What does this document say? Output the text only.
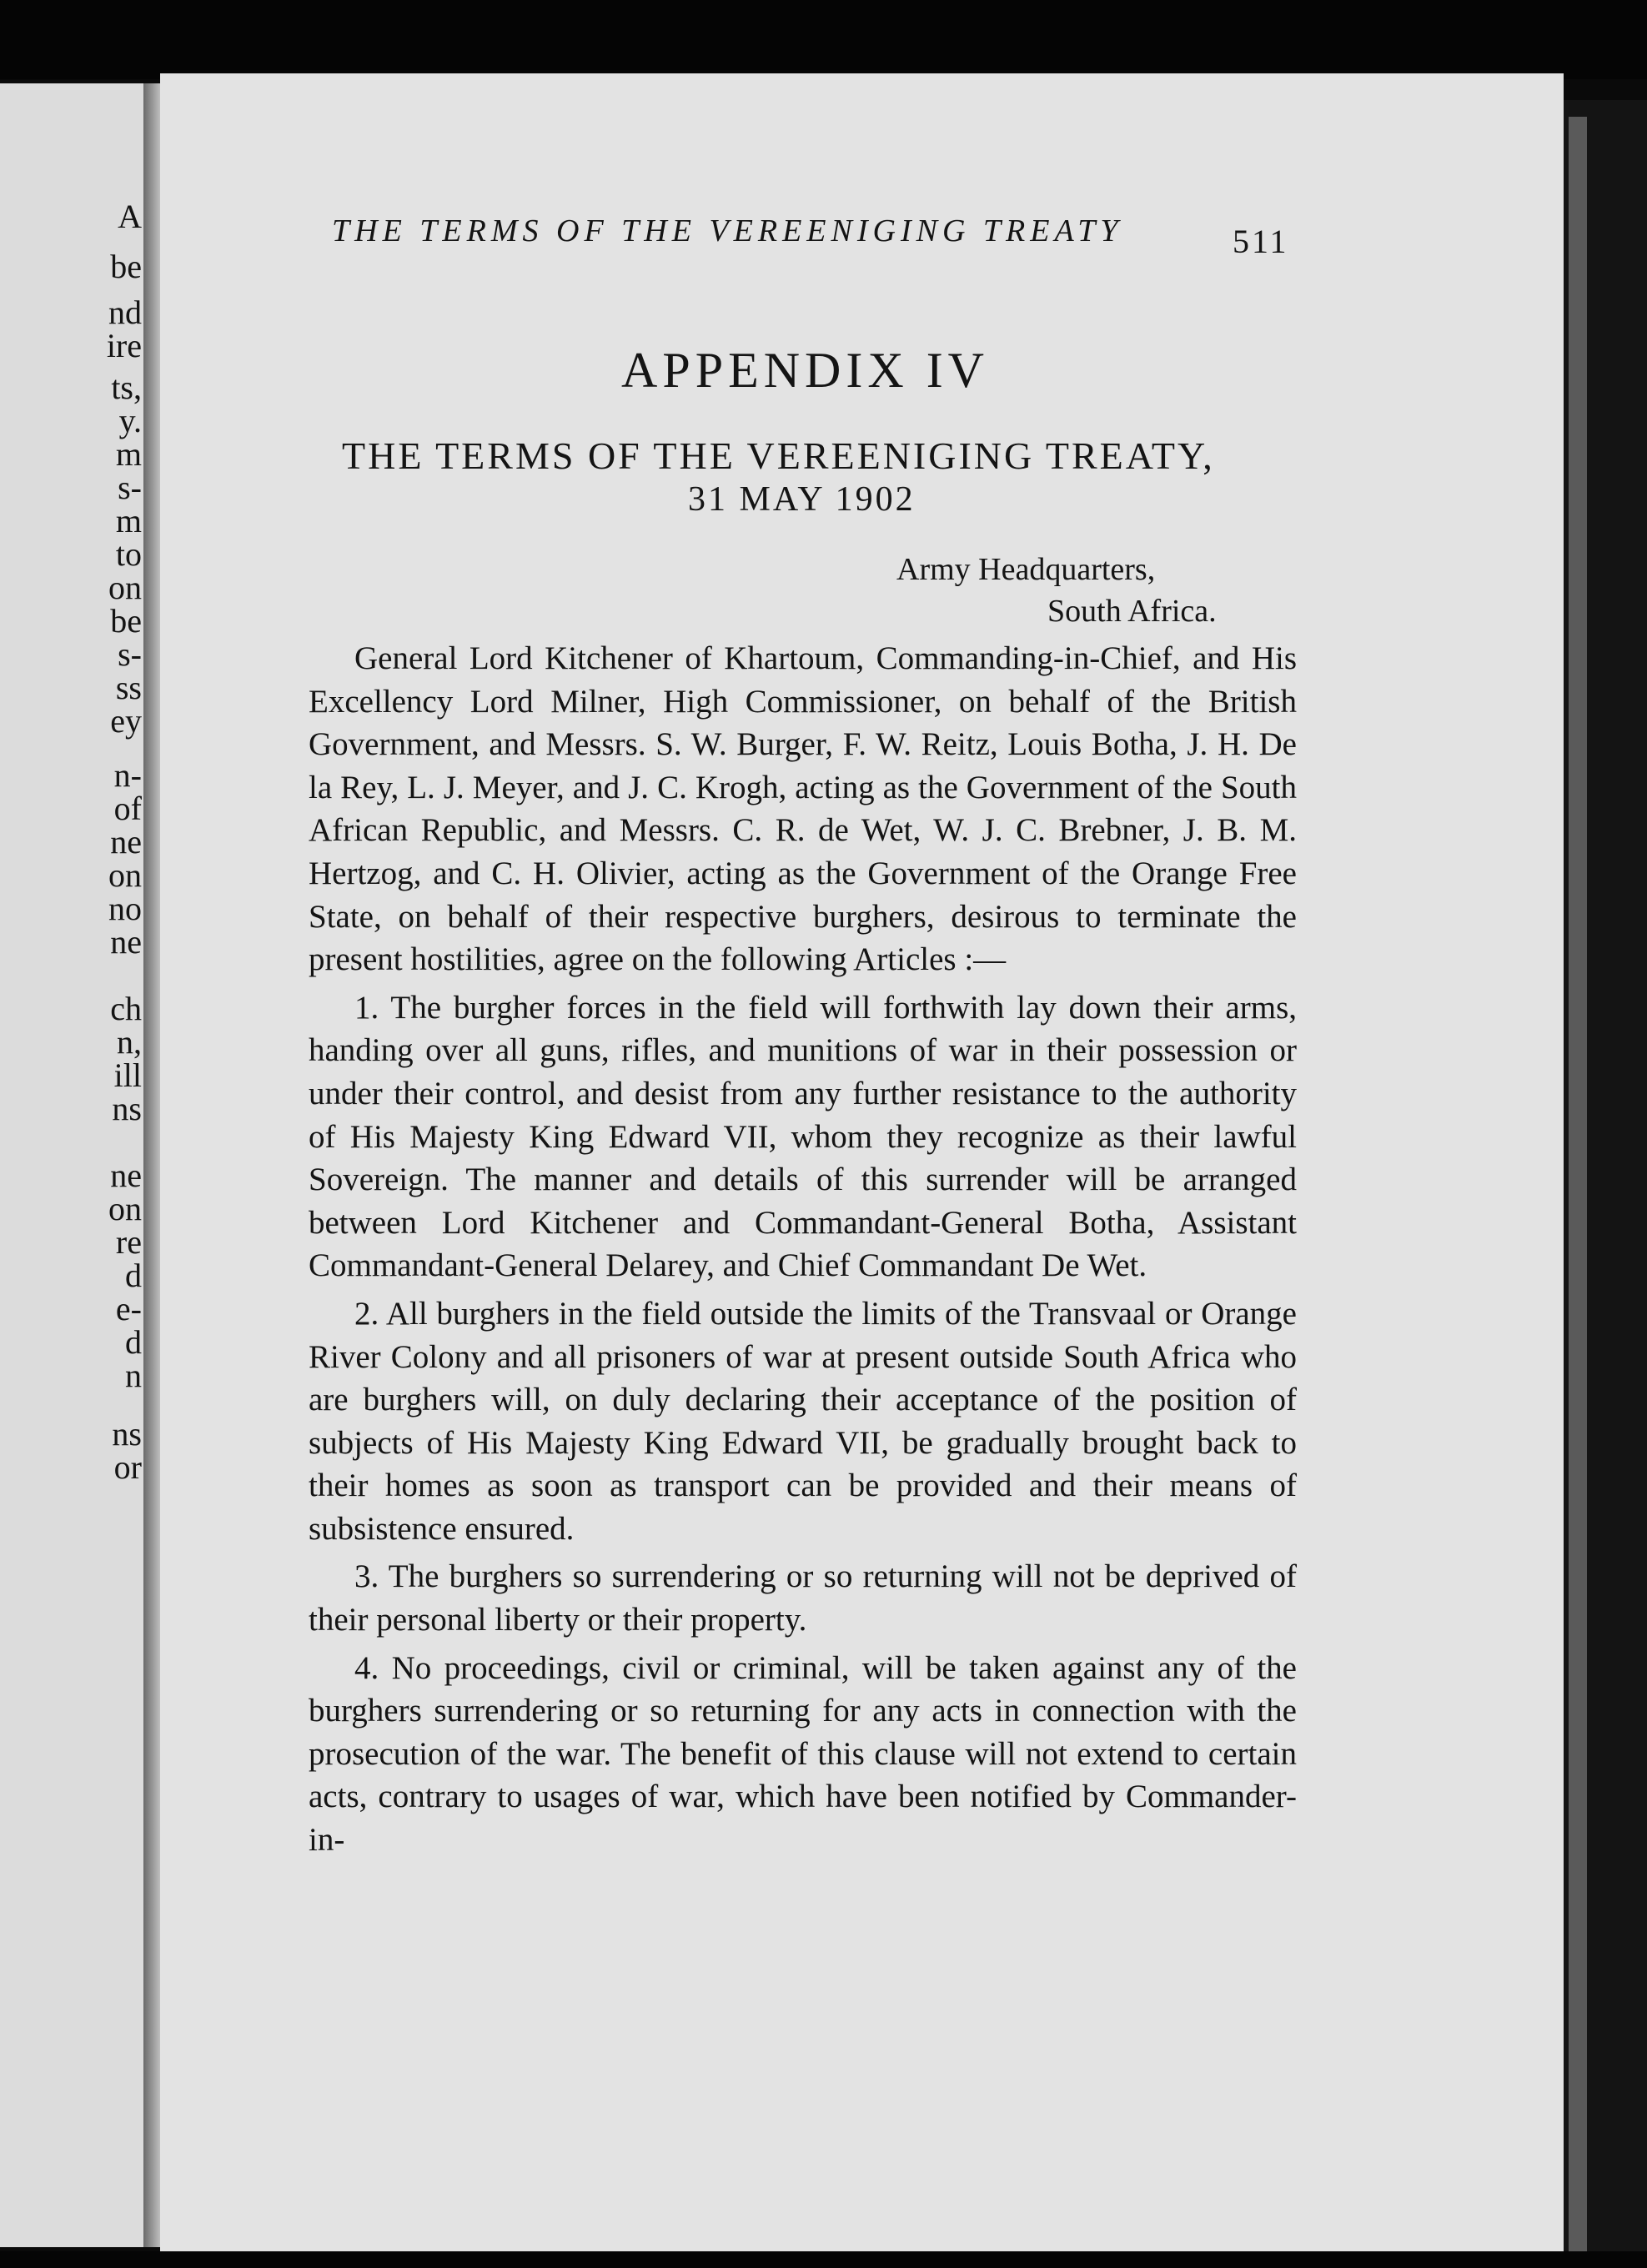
A
be
nd
ire
ts,
y.
m
s-
m
to
on
be
s-
ss
ey
n-
of
ne
on
no
ne
ch
n,
ill
ns
ne
on
re
d
e-
d
n
ns
or
THE TERMS OF THE VEREENIGING TREATY	511
APPENDIX IV
THE TERMS OF THE VEREENIGING TREATY,
31 MAY 1902
Army Headquarters,
South Africa.

General Lord Kitchener of Khartoum, Commanding-in-Chief, and His Excellency Lord Milner, High Commissioner, on behalf of the British Government, and Messrs. S. W. Burger, F. W. Reitz, Louis Botha, J. H. De la Rey, L. J. Meyer, and J. C. Krogh, acting as the Government of the South African Republic, and Messrs. C. R. de Wet, W. J. C. Brebner, J. B. M. Hertzog, and C. H. Olivier, acting as the Government of the Orange Free State, on behalf of their respective burghers, desirous to terminate the present hostilities, agree on the following Articles :—

1. The burgher forces in the field will forthwith lay down their arms, handing over all guns, rifles, and munitions of war in their possession or under their control, and desist from any further resistance to the authority of His Majesty King Edward VII, whom they recognize as their lawful Sovereign. The manner and details of this surrender will be arranged between Lord Kitchener and Commandant-General Botha, Assistant Commandant-General Delarey, and Chief Commandant De Wet.

2. All burghers in the field outside the limits of the Transvaal or Orange River Colony and all prisoners of war at present outside South Africa who are burghers will, on duly declaring their acceptance of the position of subjects of His Majesty King Edward VII, be gradually brought back to their homes as soon as transport can be provided and their means of subsistence ensured.

3. The burghers so surrendering or so returning will not be deprived of their personal liberty or their property.

4. No proceedings, civil or criminal, will be taken against any of the burghers surrendering or so returning for any acts in connection with the prosecution of the war. The benefit of this clause will not extend to certain acts, contrary to usages of war, which have been notified by Commander-in-
